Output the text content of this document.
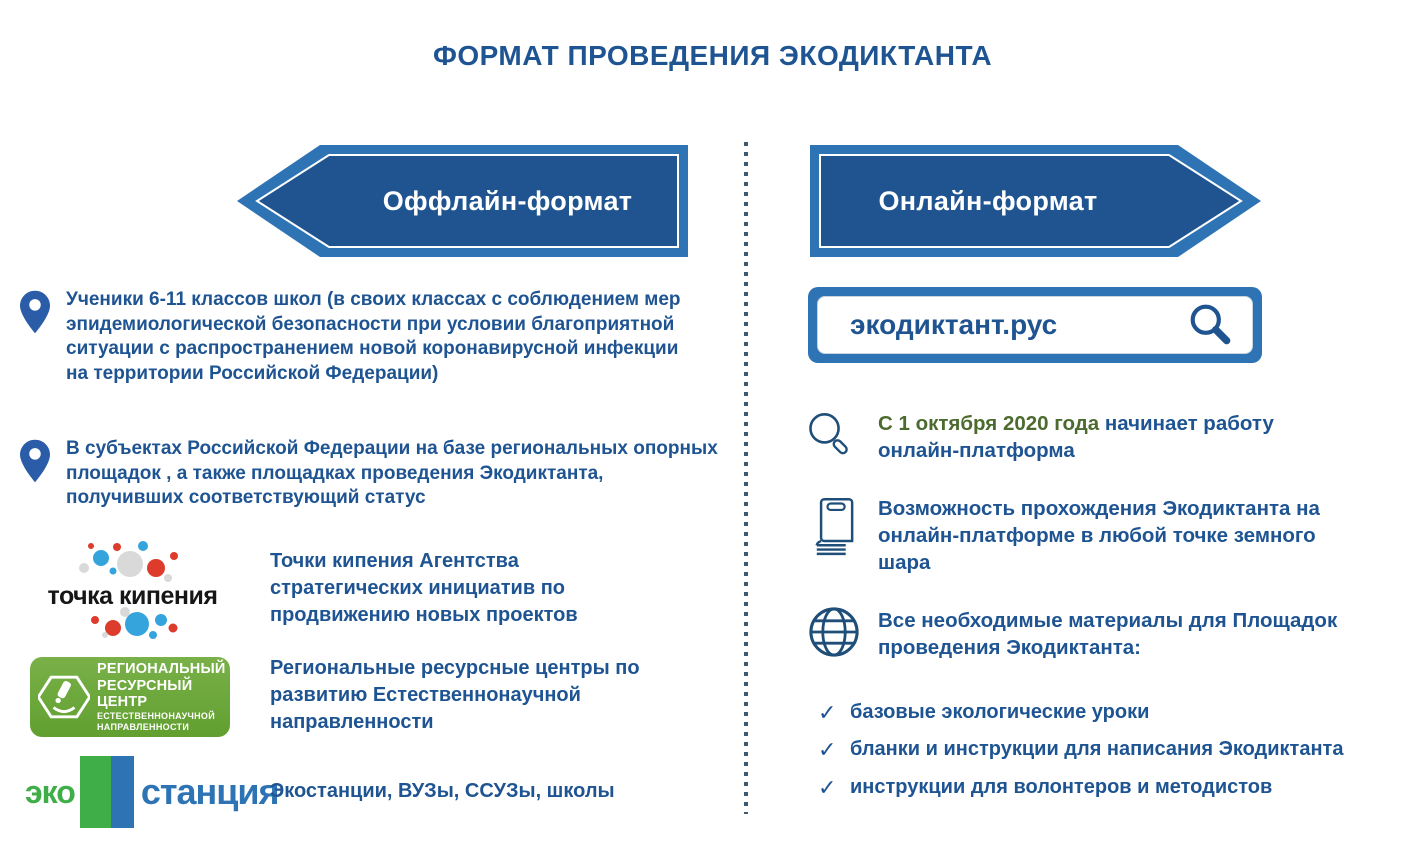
ФОРМАТ ПРОВЕДЕНИЯ ЭКОДИКТАНТА
Оффлайн-формат	Онлайн-формат
Ученики 6-11 классов школ (в своих классах с соблюдением мер эпидемиологической безопасности при условии благоприятной ситуации с распространением новой коронавирусной инфекции на территории Российской Федерации)
В субъектах Российской Федерации на базе региональных опорных площадок , а также площадках проведения Экодиктанта, получивших соответствующий статус
точка кипения
Точки кипения Агентства стратегических инициатив по продвижению новых проектов
РЕГИОНАЛЬНЫЙ
РЕСУРСНЫЙ
ЦЕНТР
ЕСТЕСТВЕННОНАУЧНОЙ
НАПРАВЛЕННОСТИ
Региональные ресурсные центры по развитию Естественнонаучной направленности
эко станция
Экостанции, ВУЗы, ССУЗы, школы
экодиктант.рус
С 1 октября 2020 года начинает работу онлайн-платформа
Возможность прохождения Экодиктанта на онлайн-платформе в любой точке земного шара
Все необходимые материалы для Площадок проведения Экодиктанта:
✓ базовые экологические уроки
✓ бланки и инструкции для написания Экодиктанта
✓ инструкции для волонтеров и методистов
